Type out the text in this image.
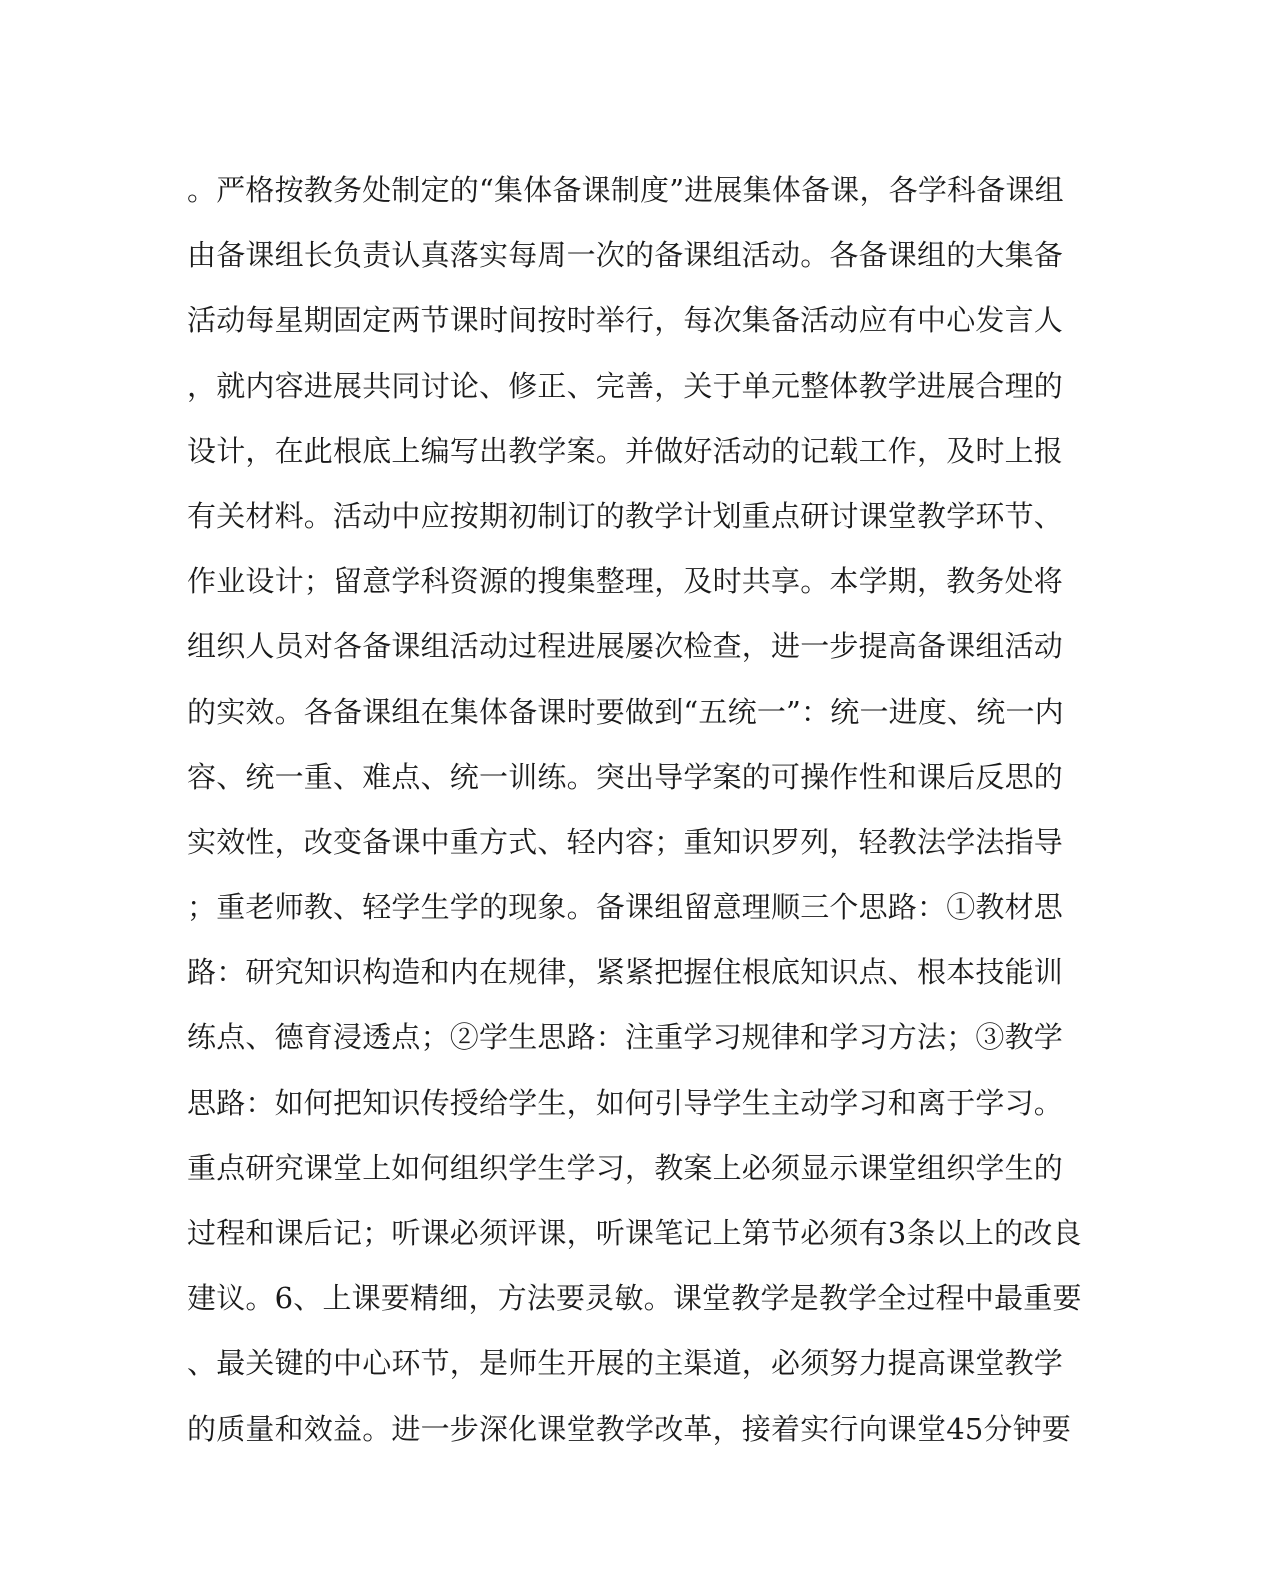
。严格按教务处制定的“集体备课制度”进展集体备课，各学科备课组
由备课组长负责认真落实每周一次的备课组活动。各备课组的大集备
活动每星期固定两节课时间按时举行，每次集备活动应有中心发言人
，就内容进展共同讨论、修正、完善，关于单元整体教学进展合理的
设计，在此根底上编写出教学案。并做好活动的记载工作，及时上报
有关材料。活动中应按期初制订的教学计划重点研讨课堂教学环节、
作业设计；留意学科资源的搜集整理，及时共享。本学期，教务处将
组织人员对各备课组活动过程进展屡次检查，进一步提高备课组活动
的实效。各备课组在集体备课时要做到“五统一”：统一进度、统一内
容、统一重、难点、统一训练。突出导学案的可操作性和课后反思的
实效性，改变备课中重方式、轻内容；重知识罗列，轻教法学法指导
；重老师教、轻学生学的现象。备课组留意理顺三个思路：①教材思
路：研究知识构造和内在规律，紧紧把握住根底知识点、根本技能训
练点、德育浸透点；②学生思路：注重学习规律和学习方法；③教学
思路：如何把知识传授给学生，如何引导学生主动学习和离于学习。
重点研究课堂上如何组织学生学习，教案上必须显示课堂组织学生的
过程和课后记；听课必须评课，听课笔记上第节必须有3条以上的改良
建议。6、上课要精细，方法要灵敏。课堂教学是教学全过程中最重要
、最关键的中心环节，是师生开展的主渠道，必须努力提高课堂教学
的质量和效益。进一步深化课堂教学改革，接着实行向课堂45分钟要
